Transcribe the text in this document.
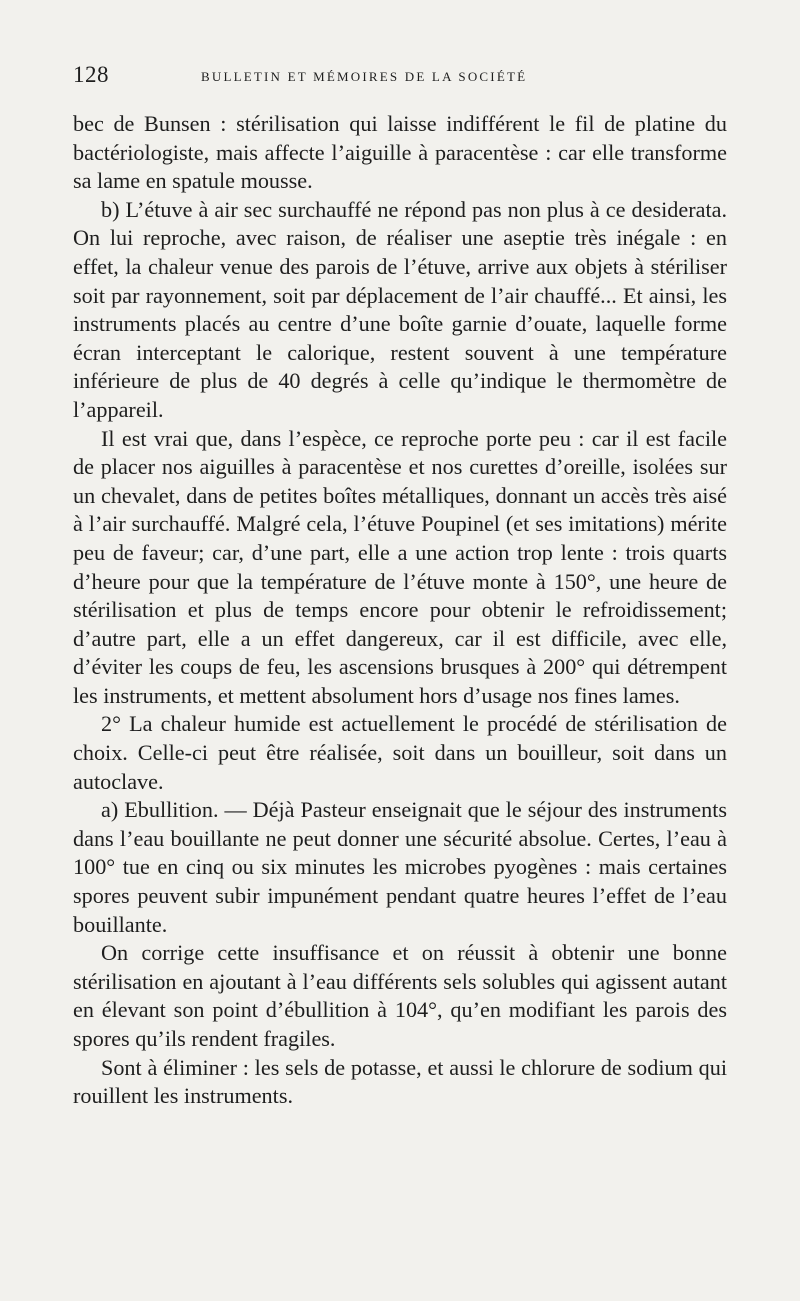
128	BULLETIN ET MÉMOIRES DE LA SOCIÉTÉ

bec de Bunsen : stérilisation qui laisse indifférent le fil de platine du bactériologiste, mais affecte l’aiguille à paracentèse : car elle transforme sa lame en spatule mousse.

b) L’étuve à air sec surchauffé ne répond pas non plus à ce desiderata. On lui reproche, avec raison, de réaliser une aseptie très inégale : en effet, la chaleur venue des parois de l’étuve, arrive aux objets à stériliser soit par rayonnement, soit par déplacement de l’air chauffé... Et ainsi, les instruments placés au centre d’une boîte garnie d’ouate, laquelle forme écran interceptant le calorique, restent souvent à une température inférieure de plus de 40 degrés à celle qu’indique le thermomètre de l’appareil.

Il est vrai que, dans l’espèce, ce reproche porte peu : car il est facile de placer nos aiguilles à paracentèse et nos curettes d’oreille, isolées sur un chevalet, dans de petites boîtes métalliques, donnant un accès très aisé à l’air surchauffé. Malgré cela, l’étuve Poupinel (et ses imitations) mérite peu de faveur; car, d’une part, elle a une action trop lente : trois quarts d’heure pour que la température de l’étuve monte à 150°, une heure de stérilisation et plus de temps encore pour obtenir le refroidissement; d’autre part, elle a un effet dangereux, car il est difficile, avec elle, d’éviter les coups de feu, les ascensions brusques à 200° qui détrempent les instruments, et mettent absolument hors d’usage nos fines lames.

2° La chaleur humide est actuellement le procédé de stérilisation de choix. Celle-ci peut être réalisée, soit dans un bouilleur, soit dans un autoclave.

a) Ebullition. — Déjà Pasteur enseignait que le séjour des instruments dans l’eau bouillante ne peut donner une sécurité absolue. Certes, l’eau à 100° tue en cinq ou six minutes les microbes pyogènes : mais certaines spores peuvent subir impunément pendant quatre heures l’effet de l’eau bouillante.

On corrige cette insuffisance et on réussit à obtenir une bonne stérilisation en ajoutant à l’eau différents sels solubles qui agissent autant en élevant son point d’ébullition à 104°, qu’en modifiant les parois des spores qu’ils rendent fragiles.

Sont à éliminer : les sels de potasse, et aussi le chlorure de sodium qui rouillent les instruments.
